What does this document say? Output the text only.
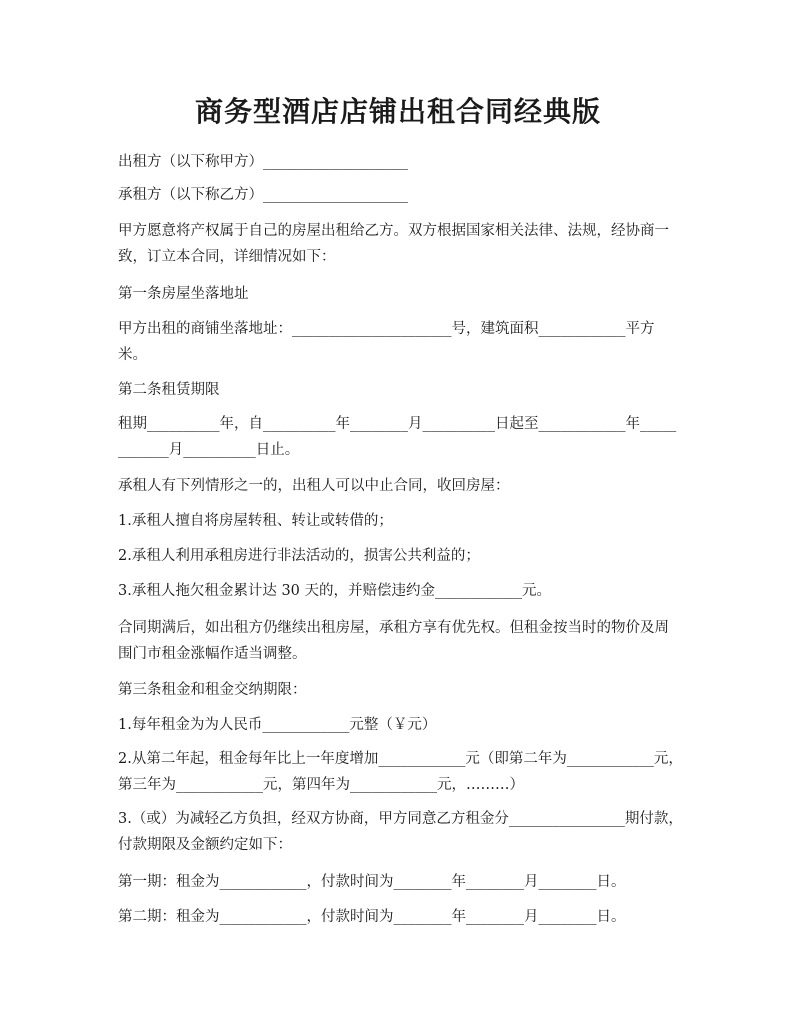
商务型酒店店铺出租合同经典版

出租方（以下称甲方）____________________

承租方（以下称乙方）____________________

甲方愿意将产权属于自己的房屋出租给乙方。双方根据国家相关法律、法规，经协商一致，订立本合同，详细情况如下：

第一条房屋坐落地址

甲方出租的商铺坐落地址：______________________号，建筑面积____________平方米。

第二条租赁期限

租期__________年，自__________年________月__________日起至____________年____________月__________日止。

承租人有下列情形之一的，出租人可以中止合同，收回房屋：

1.承租人擅自将房屋转租、转让或转借的；

2.承租人利用承租房进行非法活动的，损害公共利益的；

3.承租人拖欠租金累计达 30 天的，并赔偿违约金____________元。

合同期满后，如出租方仍继续出租房屋，承租方享有优先权。但租金按当时的物价及周围门市租金涨幅作适当调整。

第三条租金和租金交纳期限：

1.每年租金为为人民币____________元整（￥元）

2.从第二年起，租金每年比上一年度增加____________元（即第二年为____________元，第三年为____________元，第四年为____________元，………）

3.（或）为减轻乙方负担，经双方协商，甲方同意乙方租金分________________期付款，付款期限及金额约定如下：

第一期：租金为____________，付款时间为________年________月________日。

第二期：租金为____________，付款时间为________年________月________日。
